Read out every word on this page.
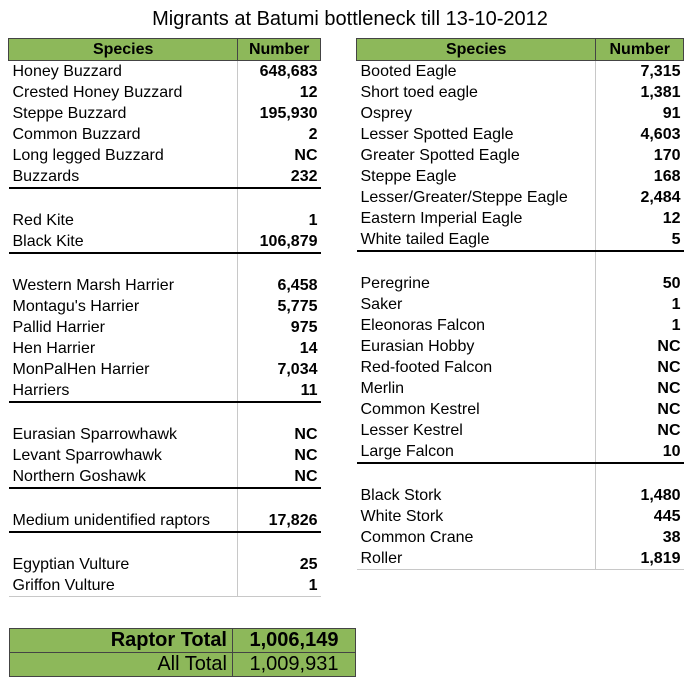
Migrants at Batumi bottleneck till 13-10-2012
Species	Number
Honey Buzzard	648,683
Crested Honey Buzzard	12
Steppe Buzzard	195,930
Common Buzzard	2
Long legged Buzzard	NC
Buzzards	232

Red Kite	1
Black Kite	106,879

Western Marsh Harrier	6,458
Montagu's Harrier	5,775
Pallid Harrier	975
Hen Harrier	14
MonPalHen Harrier	7,034
Harriers	11

Eurasian Sparrowhawk	NC
Levant Sparrowhawk	NC
Northern Goshawk	NC

Medium unidentified raptors	17,826

Egyptian Vulture	25
Griffon Vulture	1
Species	Number
Booted Eagle	7,315
Short toed eagle	1,381
Osprey	91
Lesser Spotted Eagle	4,603
Greater Spotted Eagle	170
Steppe Eagle	168
Lesser/Greater/Steppe Eagle	2,484
Eastern Imperial Eagle	12
White tailed Eagle	5

Peregrine	50
Saker	1
Eleonoras Falcon	1
Eurasian Hobby	NC
Red-footed Falcon	NC
Merlin	NC
Common Kestrel	NC
Lesser Kestrel	NC
Large Falcon	10

Black Stork	1,480
White Stork	445
Common Crane	38
Roller	1,819
Raptor Total	1,006,149
All Total	1,009,931
